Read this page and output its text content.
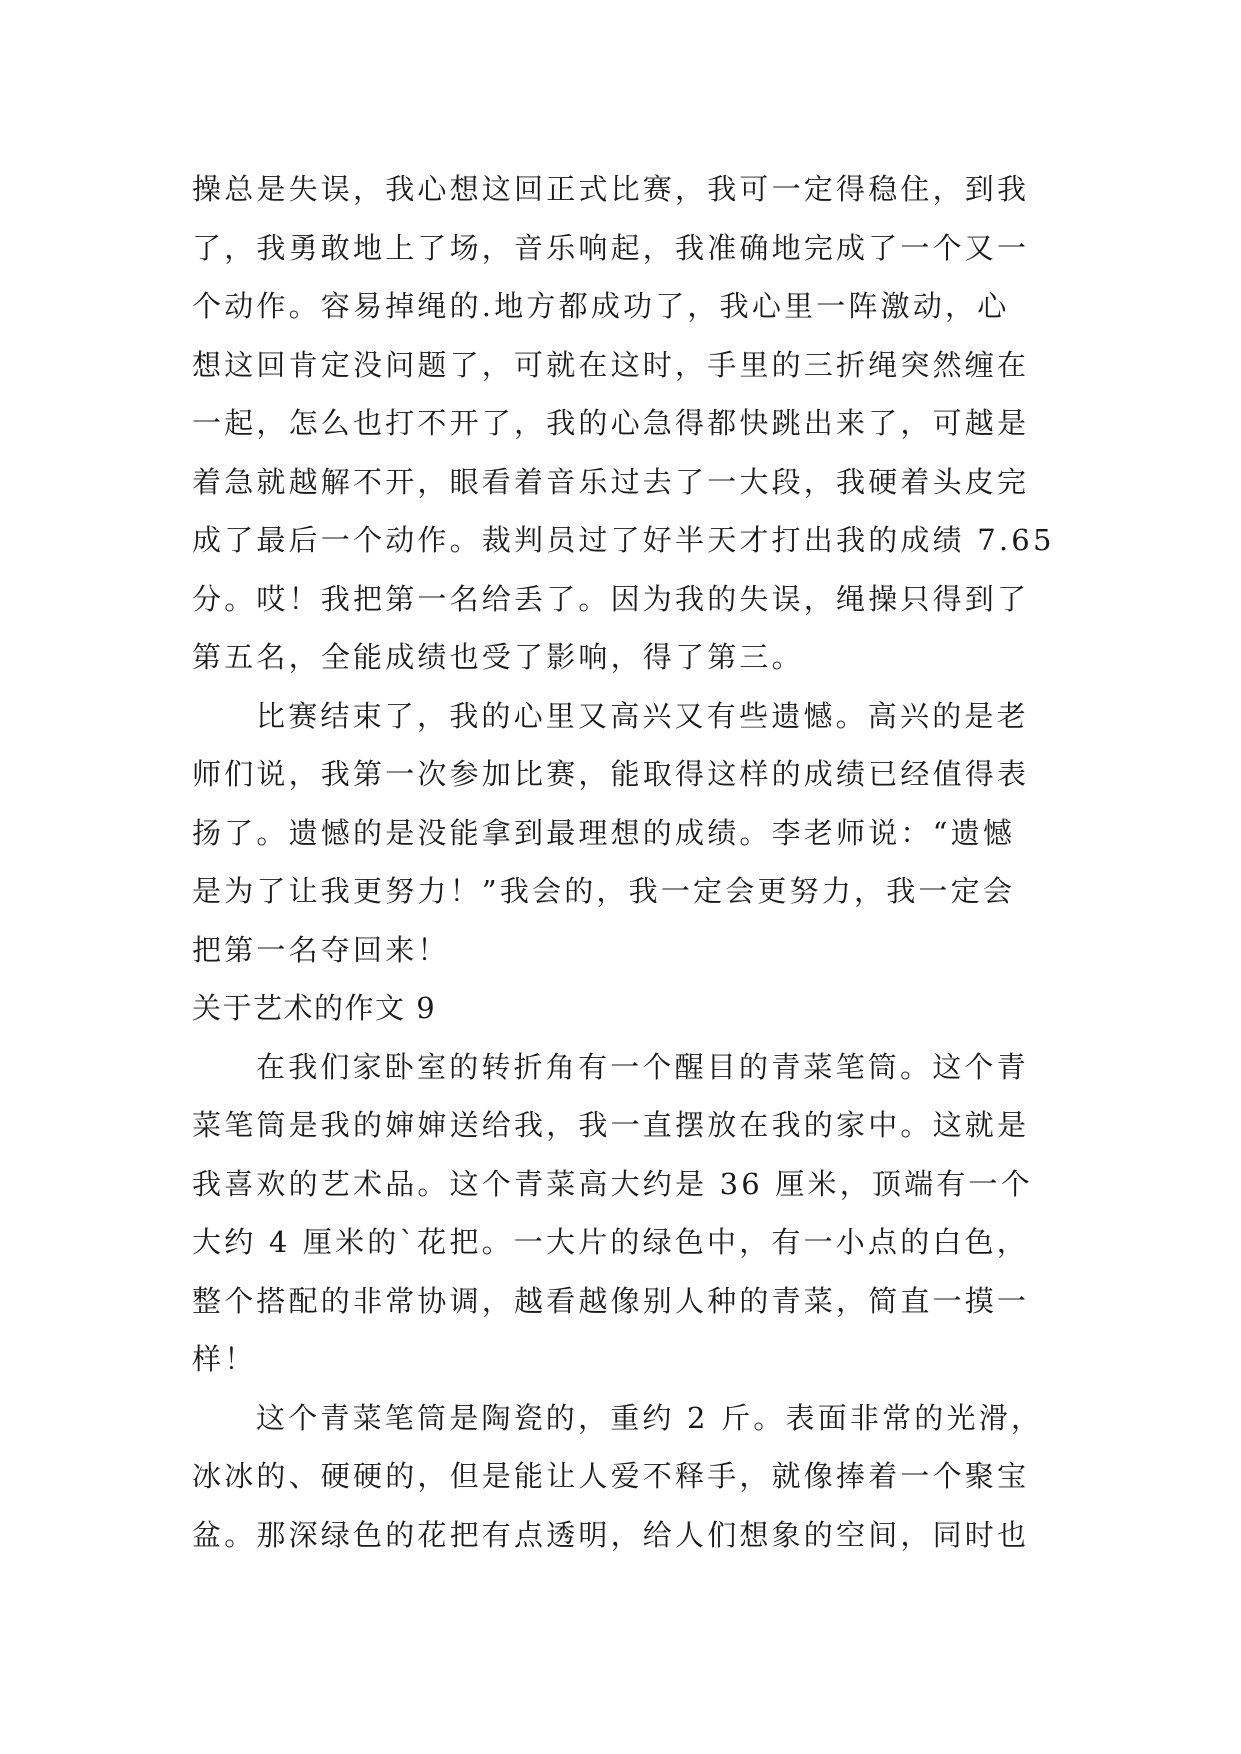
操总是失误，我心想这回正式比赛，我可一定得稳住，到我
了，我勇敢地上了场，音乐响起，我准确地完成了一个又一
个动作。容易掉绳的.地方都成功了，我心里一阵激动，心
想这回肯定没问题了，可就在这时，手里的三折绳突然缠在
一起，怎么也打不开了，我的心急得都快跳出来了，可越是
着急就越解不开，眼看着音乐过去了一大段，我硬着头皮完
成了最后一个动作。裁判员过了好半天才打出我的成绩 7.65
分。哎！我把第一名给丢了。因为我的失误，绳操只得到了
第五名，全能成绩也受了影响，得了第三。
比赛结束了，我的心里又高兴又有些遗憾。高兴的是老
师们说，我第一次参加比赛，能取得这样的成绩已经值得表
扬了。遗憾的是没能拿到最理想的成绩。李老师说：“遗憾
是为了让我更努力！”我会的，我一定会更努力，我一定会
把第一名夺回来！
关于艺术的作文 9
在我们家卧室的转折角有一个醒目的青菜笔筒。这个青
菜笔筒是我的婶婶送给我，我一直摆放在我的家中。这就是
我喜欢的艺术品。这个青菜高大约是 36 厘米，顶端有一个
大约 4 厘米的`花把。一大片的绿色中，有一小点的白色，
整个搭配的非常协调，越看越像别人种的青菜，简直一摸一
样！
这个青菜笔筒是陶瓷的，重约 2 斤。表面非常的光滑，
冰冰的、硬硬的，但是能让人爱不释手，就像捧着一个聚宝
盆。那深绿色的花把有点透明，给人们想象的空间，同时也
